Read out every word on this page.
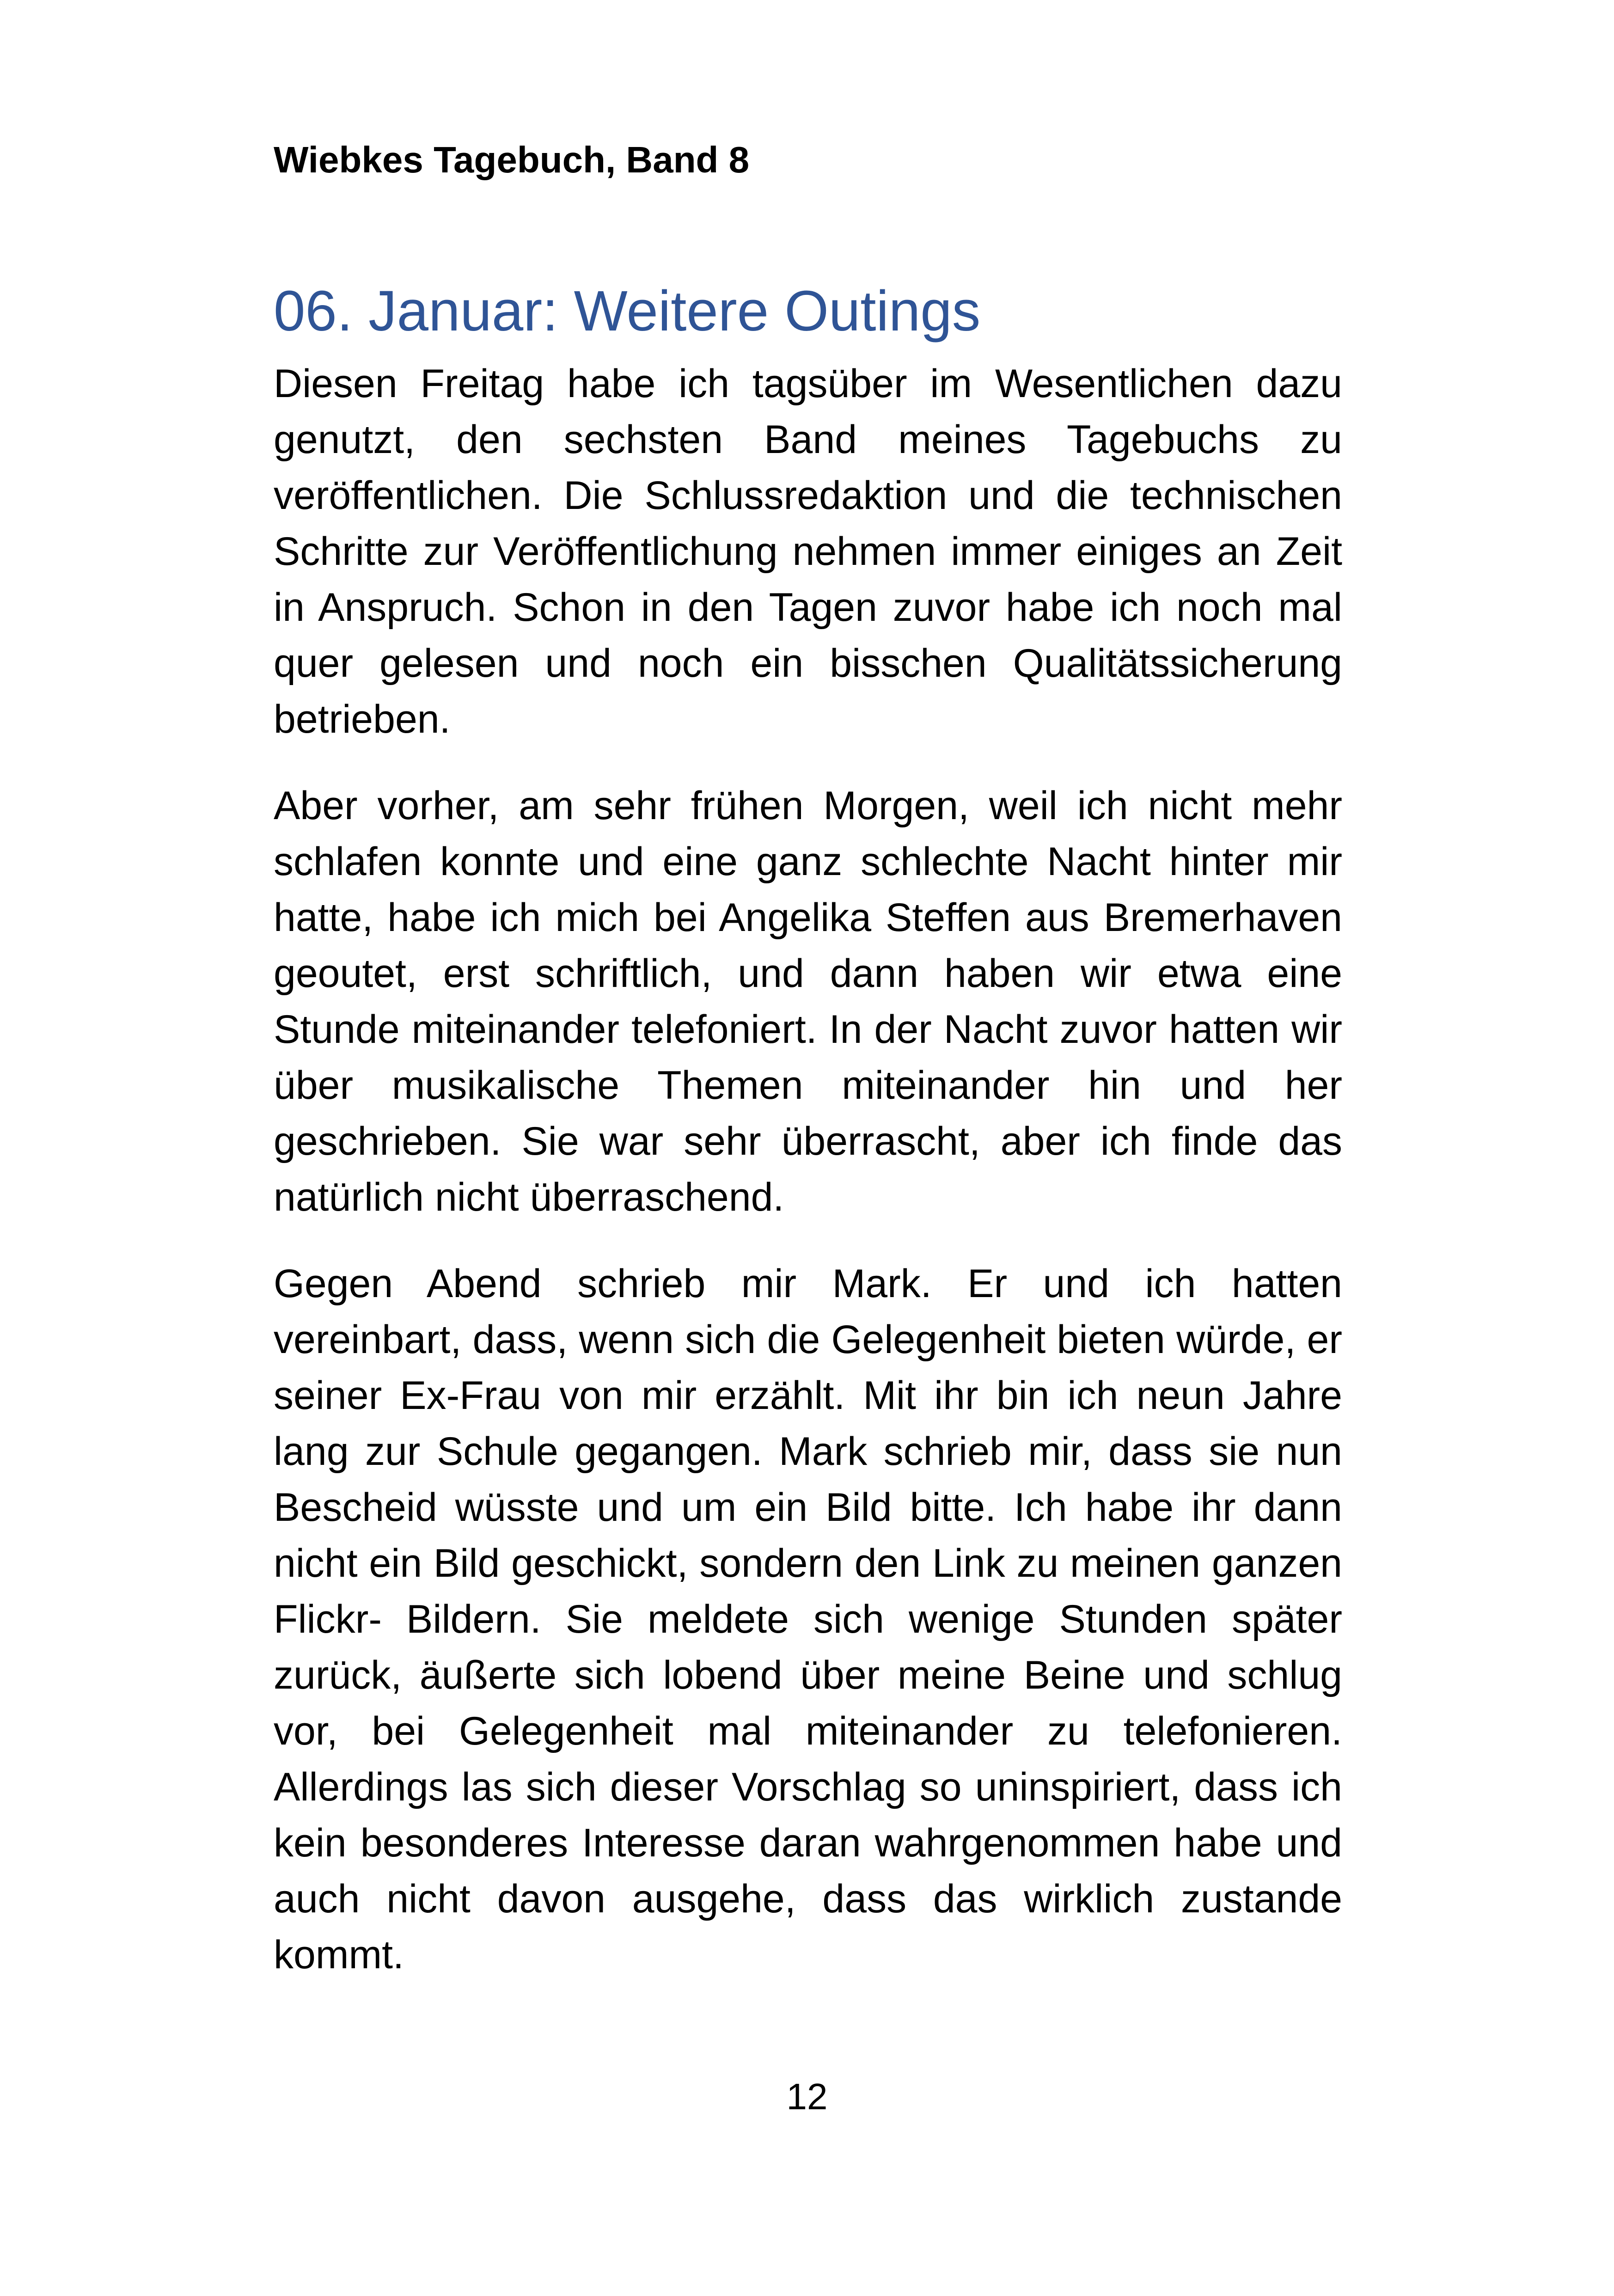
Wiebkes Tagebuch, Band 8
06. Januar: Weitere Outings

Diesen Freitag habe ich tagsüber im Wesentlichen dazu genutzt, den sechsten Band meines Tagebuchs zu veröffentlichen. Die Schlussredaktion und die technischen Schritte zur Veröffentlichung nehmen immer einiges an Zeit in Anspruch. Schon in den Tagen zuvor habe ich noch mal quer gelesen und noch ein bisschen Qualitätssicherung betrieben.

Aber vorher, am sehr frühen Morgen, weil ich nicht mehr schlafen konnte und eine ganz schlechte Nacht hinter mir hatte, habe ich mich bei Angelika Steffen aus Bremerhaven geoutet, erst schriftlich, und dann haben wir etwa eine Stunde miteinander telefoniert. In der Nacht zuvor hatten wir über musikalische Themen miteinander hin und her geschrieben. Sie war sehr überrascht, aber ich finde das natürlich nicht überraschend.

Gegen Abend schrieb mir Mark. Er und ich hatten vereinbart, dass, wenn sich die Gelegenheit bieten würde, er seiner Ex-Frau von mir erzählt. Mit ihr bin ich neun Jahre lang zur Schule gegangen. Mark schrieb mir, dass sie nun Bescheid wüsste und um ein Bild bitte. Ich habe ihr dann nicht ein Bild geschickt, sondern den Link zu meinen ganzen Flickr- Bildern. Sie meldete sich wenige Stunden später zurück, äußerte sich lobend über meine Beine und schlug vor, bei Gelegenheit mal miteinander zu telefonieren. Allerdings las sich dieser Vorschlag so uninspiriert, dass ich kein besonderes Interesse daran wahrgenommen habe und auch nicht davon ausgehe, dass das wirklich zustande kommt.

12
